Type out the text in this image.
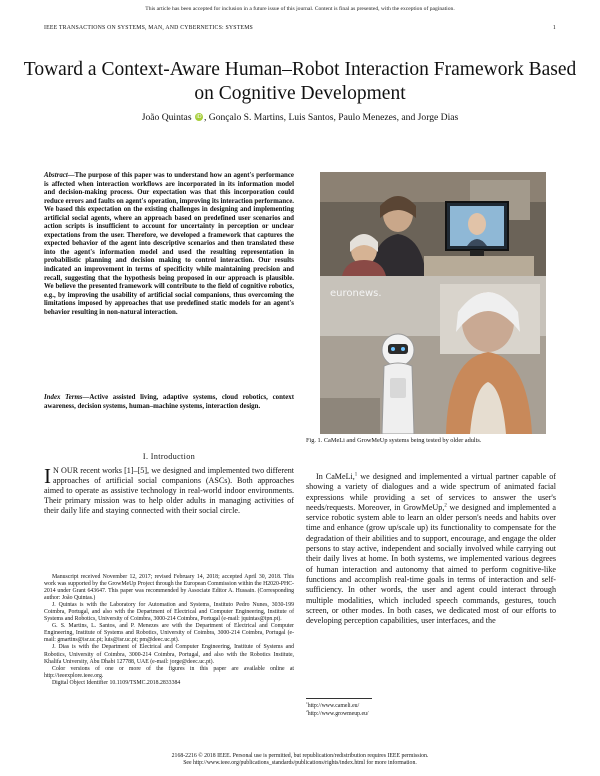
This article has been accepted for inclusion in a future issue of this journal. Content is final as presented, with the exception of pagination.
IEEE TRANSACTIONS ON SYSTEMS, MAN, AND CYBERNETICS: SYSTEMS	1
Toward a Context-Aware Human–Robot Interaction Framework Based on Cognitive Development
João Quintas iD , Gonçalo S. Martins, Luis Santos, Paulo Menezes, and Jorge Dias
Abstract—The purpose of this paper was to understand how an agent's performance is affected when interaction workflows are incorporated in its information model and decision-making process. Our expectation was that this incorporation could reduce errors and faults on agent's operation, improving its interaction performance. We based this expectation on the existing challenges in designing and implementing artificial social agents, where an approach based on predefined user scenarios and action scripts is insufficient to account for uncertainty in perception or unclear expectations from the user. Therefore, we developed a framework that captures the expected behavior of the agent into descriptive scenarios and then translated these into the agent's information model and used the resulting representation in probabilistic planning and decision making to control interaction. Our results indicated an improvement in terms of specificity while maintaining precision and recall, suggesting that the hypothesis being proposed in our approach is plausible. We believe the presented framework will contribute to the field of cognitive robotics, e.g., by improving the usability of artificial social companions, thus overcoming the limitations imposed by approaches that use predefined static models for an agent's behavior resulting in non-natural interaction.
Index Terms—Active assisted living, adaptive systems, cloud robotics, context awareness, decision systems, human–machine systems, interaction design.
euronews.
Fig. 1. CaMeLi and GrowMeUp systems being tested by older adults.
I. Introduction
I N OUR recent works [1]–[5], we designed and implemented two different approaches of artificial social companions (ASCs). Both approaches aimed to operate as assistive technology in real-world indoor environments. Their primary mission was to help older adults in managing activities of their daily life and staying connected with their social circle.

Manuscript received November 12, 2017; revised February 14, 2018; accepted April 30, 2018. This work was supported by the GrowMeUp Project through the European Commission within the H2020-PHC-2014 under Grant 643647. This paper was recommended by Associate Editor A. Hussain. (Corresponding author: João Quintas.)

J. Quintas is with the Laboratory for Automation and Systems, Instituto Pedro Nunes, 3030-199 Coimbra, Portugal, and also with the Department of Electrical and Computer Engineering, Institute of Systems and Robotics, University of Coimbra, 3000-214 Coimbra, Portugal (e-mail: jquintas@ipn.pt).

G. S. Martins, L. Santos, and P. Menezes are with the Department of Electrical and Computer Engineering, Institute of Systems and Robotics, University of Coimbra, 3000-214 Coimbra, Portugal (e-mail: gmartins@isr.uc.pt; luis@isr.uc.pt; pm@deec.uc.pt).

J. Dias is with the Department of Electrical and Computer Engineering, Institute of Systems and Robotics, University of Coimbra, 3000-214 Coimbra, Portugal, and also with the Robotics Institute, Khalifa University, Abu Dhabi 127788, UAE (e-mail: jorge@deec.uc.pt).

Color versions of one or more of the figures in this paper are available online at http://ieeexplore.ieee.org.

Digital Object Identifier 10.1109/TSMC.2018.2833384

In CaMeLi,$^1$ we designed and implemented a virtual partner capable of showing a variety of dialogues and a wide spectrum of animated facial expressions while providing a set of services to answer the user's needs/requests. Moreover, in GrowMeUp,$^2$ we designed and implemented a service robotic system able to learn an older person's needs and habits over time and enhance (grow up/scale up) its functionality to compensate for the degradation of their abilities and to support, encourage, and engage the older persons to stay active, independent and socially involved while carrying out their daily lives at home. In both systems, we implemented various degrees of human interaction and autonomy that aimed to perform cognitive-like functions and accomplish real-time goals in terms of interaction and self-sufficiency. In other words, the user and agent could interact through multiple modalities, which included speech commands, gestures, touch screen, or other modes. In both cases, we dedicated most of our efforts to developing perception capabilities, user interfaces, and the

$^1$http://www.cameli.eu/
$^2$http://www.growmeup.eu/
2168-2216 © 2018 IEEE. Personal use is permitted, but republication/redistribution requires IEEE permission.
See http://www.ieee.org/publications_standards/publications/rights/index.html for more information.
